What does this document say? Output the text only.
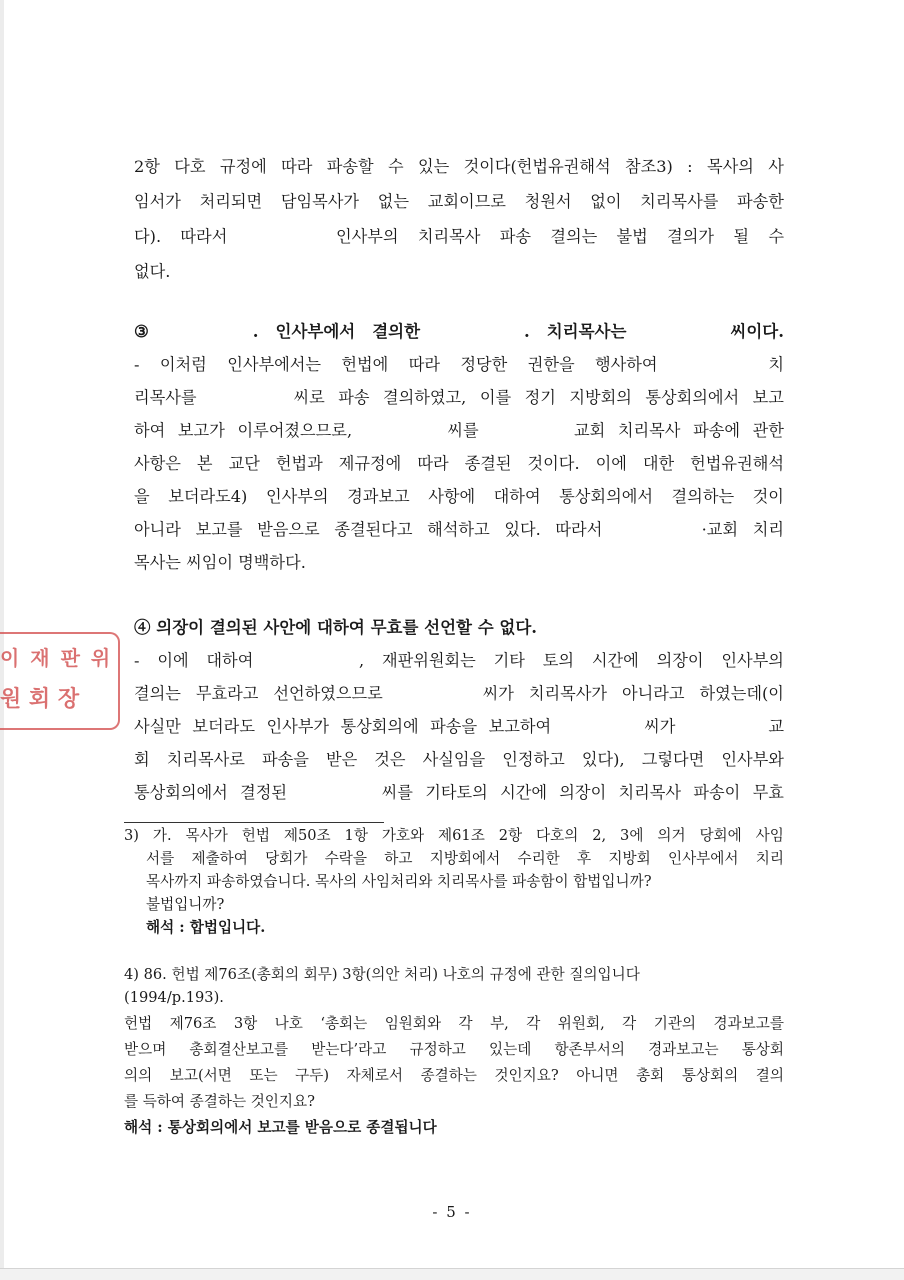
이 재 판 위
원 회 장
2항 다호 규정에 따라 파송할 수 있는 것이다(헌법유권해석 참조3) : 목사의 사
임서가 처리되면 담임목사가 없는 교회이므로 청원서 없이 치리목사를 파송한
다). 따라서	인사부의 치리목사 파송 결의는 불법 결의가 될 수
없다.
③	. 인사부에서 결의한	. 치리목사는	씨이다.
- 이처럼 인사부에서는 헌법에 따라 정당한 권한을 행사하여	치
리목사를	씨로 파송 결의하였고, 이를 정기 지방회의 통상회의에서 보고
하여 보고가 이루어졌으므로,	씨를	교회 치리목사 파송에 관한
사항은 본 교단 헌법과 제규정에 따라 종결된 것이다. 이에 대한 헌법유권해석
을 보더라도4) 인사부의 경과보고 사항에 대하여 통상회의에서 결의하는 것이
아니라 보고를 받음으로 종결된다고 해석하고 있다. 따라서	·교회 치리
목사는 씨임이 명백하다.
④ 의장이 결의된 사안에 대하여 무효를 선언할 수 없다.
- 이에 대하여	, 재판위원회는 기타 토의 시간에 의장이 인사부의
결의는 무효라고 선언하였으므로	씨가 치리목사가 아니라고 하였는데(이
사실만 보더라도 인사부가 통상회의에 파송을 보고하여	씨가	교
회 치리목사로 파송을 받은 것은 사실임을 인정하고 있다), 그렇다면 인사부와
통상회의에서 결정된	씨를 기타토의 시간에 의장이 치리목사 파송이 무효
3) 가. 목사가 헌법 제50조 1항 가호와 제61조 2항 다호의 2, 3에 의거 당회에 사임
서를 제출하여 당회가 수락을 하고 지방회에서 수리한 후 지방회 인사부에서 치리
목사까지 파송하였습니다. 목사의 사임처리와 치리목사를 파송함이 합법입니까?
불법입니까?
해석 : 합법입니다.
4) 86. 헌법 제76조(총회의 회무) 3항(의안 처리) 나호의 규정에 관한 질의입니다
(1994/p.193).
헌법 제76조 3항 나호 ‘총회는 임원회와 각 부, 각 위원회, 각 기관의 경과보고를
받으며 총회결산보고를 받는다’라고 규정하고 있는데 항존부서의 경과보고는 통상회
의의 보고(서면 또는 구두) 자체로서 종결하는 것인지요? 아니면 총회 통상회의 결의
를 득하여 종결하는 것인지요?
해석 : 통상회의에서 보고를 받음으로 종결됩니다
- 5 -
